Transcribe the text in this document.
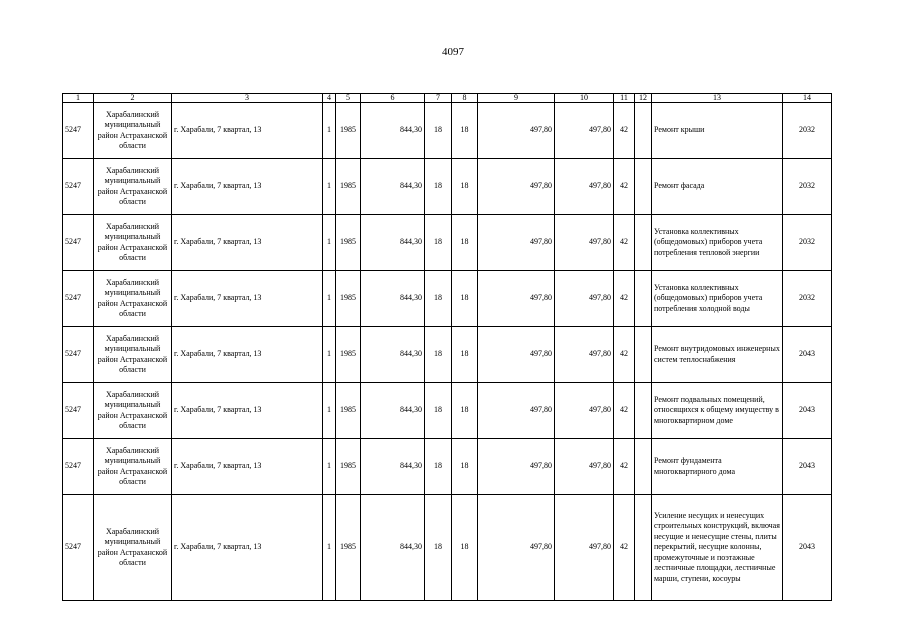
4097
1	2	3	4	5	6	7	8	9	10	11	12	13	14
5247	Харабалинский муниципальный район Астраханской области	г. Харабали, 7 квартал, 13	1	1985	844,30	18	18	497,80	497,80	42		Ремонт крыши	2032
5247	Харабалинский муниципальный район Астраханской области	г. Харабали, 7 квартал, 13	1	1985	844,30	18	18	497,80	497,80	42		Ремонт фасада	2032
5247	Харабалинский муниципальный район Астраханской области	г. Харабали, 7 квартал, 13	1	1985	844,30	18	18	497,80	497,80	42		Установка коллективных (общедомовых) приборов учета потребления тепловой энергии	2032
5247	Харабалинский муниципальный район Астраханской области	г. Харабали, 7 квартал, 13	1	1985	844,30	18	18	497,80	497,80	42		Установка коллективных (общедомовых) приборов учета потребления холодной воды	2032
5247	Харабалинский муниципальный район Астраханской области	г. Харабали, 7 квартал, 13	1	1985	844,30	18	18	497,80	497,80	42		Ремонт внутридомовых инженерных систем теплоснабжения	2043
5247	Харабалинский муниципальный район Астраханской области	г. Харабали, 7 квартал, 13	1	1985	844,30	18	18	497,80	497,80	42		Ремонт подвальных помещений, относящихся к общему имуществу в многоквартирном доме	2043
5247	Харабалинский муниципальный район Астраханской области	г. Харабали, 7 квартал, 13	1	1985	844,30	18	18	497,80	497,80	42		Ремонт фундамента многоквартирного дома	2043
5247	Харабалинский муниципальный район Астраханской области	г. Харабали, 7 квартал, 13	1	1985	844,30	18	18	497,80	497,80	42		Усиление несущих и ненесущих строительных конструкций, включая несущие и ненесущие стены, плиты перекрытий, несущие колонны, промежуточные и поэтажные лестничные площадки, лестничные марши, ступени, косоуры	2043
